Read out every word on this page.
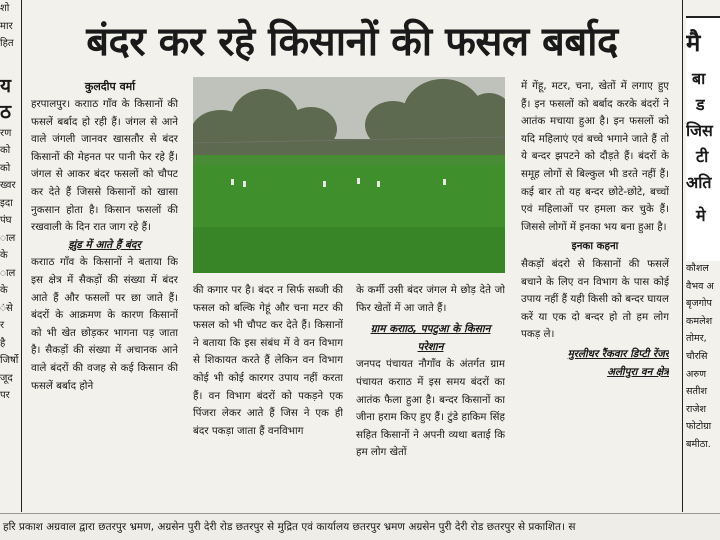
शो
मार
हित
य
ठ
रण
को
को
ख्वर
इदा
पंघ
ाल
के
ाल
के
ंसे
र
है
जिर्षो
जूद
पर
बंदर कर रहे किसानों की फसल बर्बाद
कुलदीप वर्मा

हरपालपुर। करााठ गाँव के किसानों की फसलें बर्बाद हो रही हैं। जंगल से आने वाले जंगली जानवर खासतौर से बंदर किसानों की मेहनत पर पानी फेर रहे हैं। जंगल से आकर बंदर फसलों को चौपट कर देते हैं जिससे किसानों को खासा नुकसान होता है। किसान फसलों की रखवाली के दिन रात जाग रहे हैं।

झुंड में आते हैं बंदर

करााठ गाँव के किसानों ने बताया कि इस क्षेत्र में सैकड़ों की संख्या में बंदर आते हैं और फसलों पर छा जाते हैं। बंदरों के आक्रमण के कारण किसानों को भी खेत छोड़कर भागना पड़ जाता है। सैकड़ों की संख्या में अचानक आने वाले बंदरों की वजह से कई किसान की फसलें बर्बाद होने

की कगार पर है। बंदर न सिर्फ सब्जी की फसल को बल्कि गेहूं और चना मटर की फसल को भी चौपट कर देते हैं। किसानों ने बताया कि इस संबंध में वे वन विभाग से शिकायत करते हैं लेकिन वन विभाग कोई भी कोई कारगर उपाय नहीं करता हैं। वन विभाग बंदरों को पकड़ने एक पिंजरा लेकर आते हैं जिस ने एक ही बंदर पकड़ा जाता हैं वनविभाग

के कर्मी उसी बंदर जंगल मे छोड़ देते जो फिर खेतों में आ जाते हैं।

ग्राम करााठ, पपटुआ के किसान परेशान

जनपद पंचायत नौगाँव के अंतर्गत ग्राम पंचायत करााठ में इस समय बंदरों का आतंक फैला हुआ है। बन्दर किसानों का जीना हराम किए हुए हैं। टुंडे हाकिम सिंह सहित किसानों ने अपनी व्यथा बताई कि हम लोग खेतों

में गेंहू, मटर, चना, खेतों में लगाए हुए हैं। इन फसलों को बर्बाद करके बंदरों ने आतंक मचाया हुआ है। इन फसलों को यदि महिलाएं एवं बच्चे भगाने जाते हैं तो ये बन्दर झपटने को दौड़ते हैं। बंदरों के समूह लोगों से बिल्कुल भी डरते नहीं हैं। कई बार तो यह बन्दर छोटे-छोटे, बच्चों एवं महिलाओं पर हमला कर चुके हैं। जिससे लोगों में इनका भय बना हुआ है।

इनका कहना

सैकड़ों बंदरो से किसानों की फसलें बचाने के लिए वन विभाग के पास कोई उपाय नहीं हैं यही किसी को बन्दर घायल करें या एक दो बन्दर हो तो हम लोग पकड़ ले।

मुरलीधर रैंकवार डिप्टी रेंजर
अलीपुरा वन क्षेत्र
मै
बा
ड
जिस
टी
अति
मे
कौशल
वैभव अ
बृजगोप
कमलेश
तोमर,
चौरसि
अरुण
सतीश
राजेश
फोटोग्रा
बमीठा.
हरि प्रकाश अग्रवाल द्वारा छतरपुर भ्रमण, अग्रसेन पुरी देरी रोड छतरपुर से मुद्रित एवं कार्यालय छतरपुर भ्रमण अग्रसेन पुरी देरी रोड छतरपुर से प्रकाशित। स
